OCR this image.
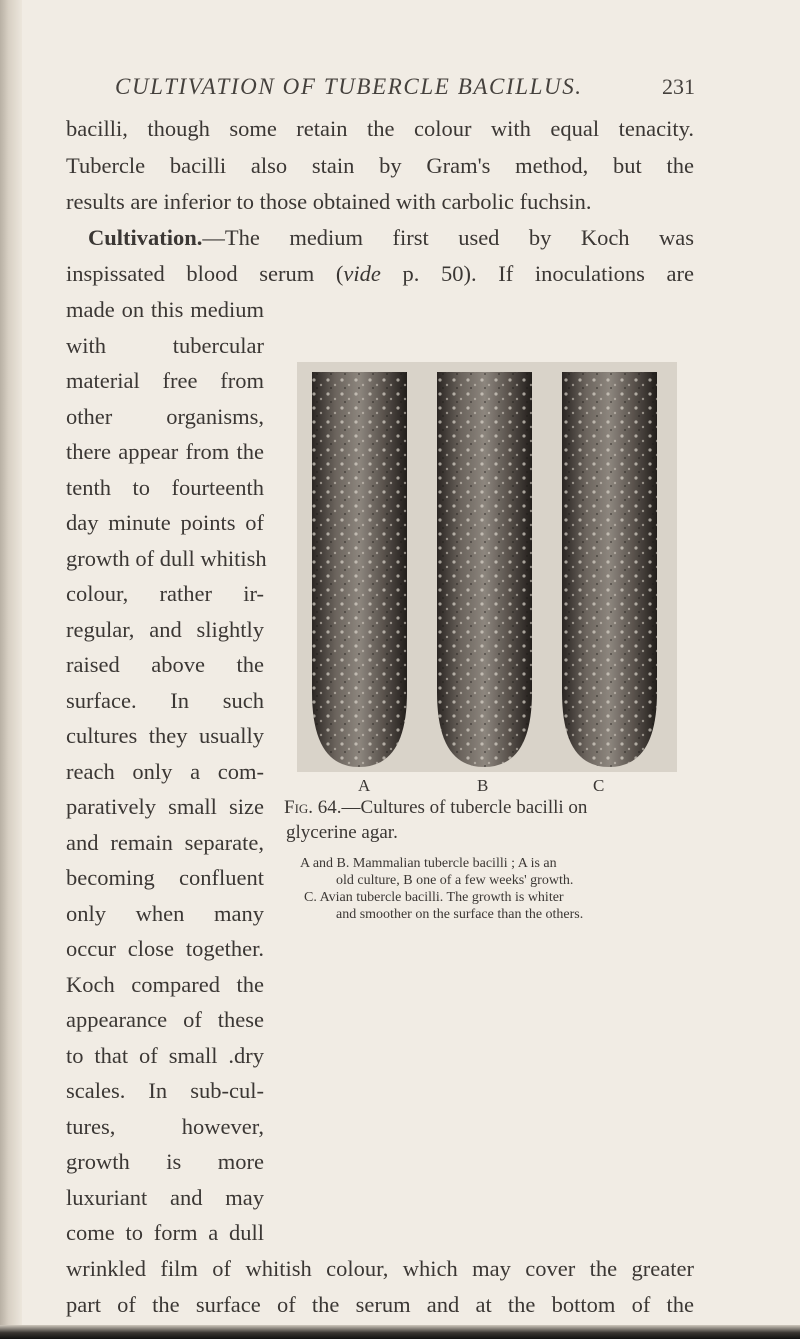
CULTIVATION OF TUBERCLE BACILLUS.	231
bacilli, though some retain the colour with equal tenacity.
Tubercle bacilli also stain by Gram's method, but the
results are inferior to those obtained with carbolic fuchsin.
Cultivation.—The medium first used by Koch was
inspissated blood serum (vide p. 50). If inoculations are
made on this medium
with tubercular
material free from
other organisms,
there appear from the
tenth to fourteenth
day minute points of
growth of dull whitish
colour, rather ir-
regular, and slightly
raised above the
surface. In such
cultures they usually
reach only a com-
paratively small size
and remain separate,
becoming confluent
only when many
occur close together.
Koch compared the
appearance of these
to that of small .dry
scales. In sub-cul-
tures, however,
growth is more
luxuriant and may
come to form a dull
A	B	C
Fig. 64.—Cultures of tubercle bacilli on
glycerine agar.
A and B. Mammalian tubercle bacilli ; A is an
old culture, B one of a few weeks' growth.
C. Avian tubercle bacilli. The growth is whiter
and smoother on the surface than the others.
wrinkled film of whitish colour, which may cover the greater
part of the surface of the serum and at the bottom of the
